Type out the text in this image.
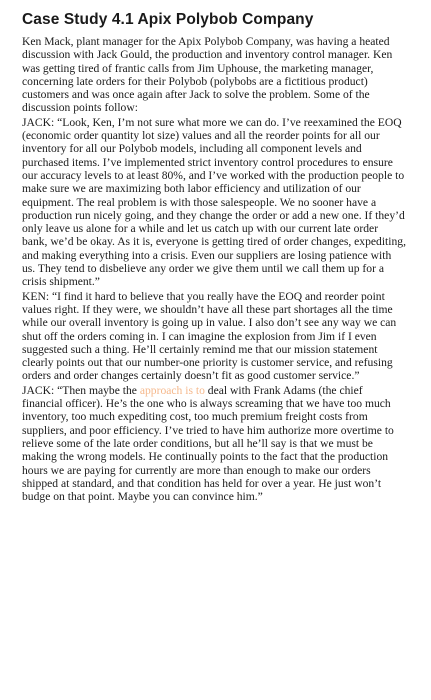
Case Study 4.1 Apix Polybob Company

Ken Mack, plant manager for the Apix Polybob Company, was having a heated discussion with Jack Gould, the production and inventory control manager. Ken was getting tired of frantic calls from Jim Uphouse, the marketing manager, concerning late orders for their Polybob (polybobs are a fictitious product) customers and was once again after Jack to solve the problem. Some of the discussion points follow:

JACK: “Look, Ken, I’m not sure what more we can do. I’ve reexamined the EOQ (economic order quantity lot size) values and all the reorder points for all our inventory for all our Polybob models, including all component levels and purchased items. I’ve implemented strict inventory control procedures to ensure our accuracy levels to at least 80%, and I’ve worked with the production people to make sure we are maximizing both labor efficiency and utilization of our equipment. The real problem is with those salespeople. We no sooner have a production run nicely going, and they change the order or add a new one. If they’d only leave us alone for a while and let us catch up with our current late order bank, we’d be okay. As it is, everyone is getting tired of order changes, expediting, and making everything into a crisis. Even our suppliers are losing patience with us. They tend to disbelieve any order we give them until we call them up for a crisis shipment.”

KEN: “I find it hard to believe that you really have the EOQ and reorder point values right. If they were, we shouldn’t have all these part shortages all the time while our overall inventory is going up in value. I also don’t see any way we can shut off the orders coming in. I can imagine the explosion from Jim if I even suggested such a thing. He’ll certainly remind me that our mission statement clearly points out that our number-one priority is customer service, and refusing orders and order changes certainly doesn’t fit as good customer service.”

JACK: “Then maybe the approach is to deal with Frank Adams (the chief financial officer). He’s the one who is always screaming that we have too much inventory, too much expediting cost, too much premium freight costs from suppliers, and poor efficiency. I’ve tried to have him authorize more overtime to relieve some of the late order conditions, but all he’ll say is that we must be making the wrong models. He continually points to the fact that the production hours we are paying for currently are more than enough to make our orders shipped at standard, and that condition has held for over a year. He just won’t budge on that point. Maybe you can convince him.”
